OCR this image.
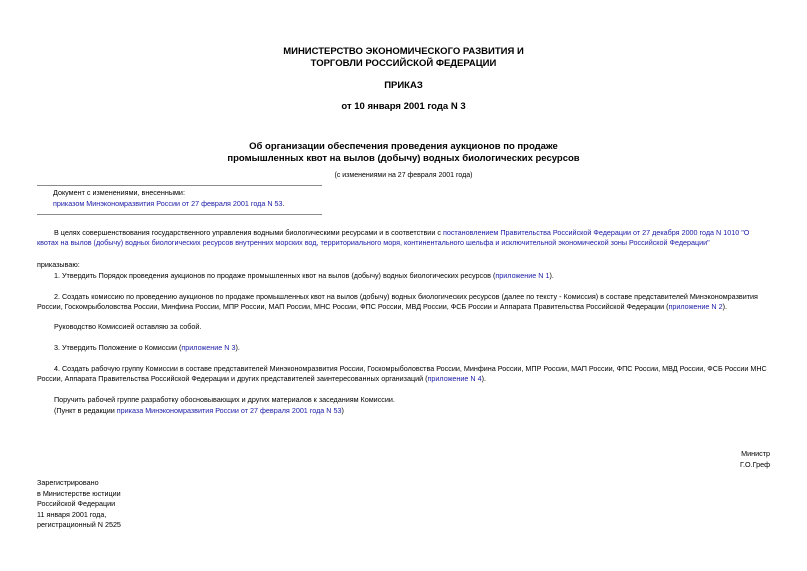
МИНИСТЕРСТВО ЭКОНОМИЧЕСКОГО РАЗВИТИЯ И
ТОРГОВЛИ РОССИЙСКОЙ ФЕДЕРАЦИИ
ПРИКАЗ
от 10 января 2001 года N 3
Об организации обеспечения проведения аукционов по продаже
промышленных квот на вылов (добычу) водных биологических ресурсов
(с изменениями на 27 февраля 2001 года)
Документ с изменениями, внесенными:
приказом Минэкономразвития России от 27 февраля 2001 года N 53.
В целях совершенствования государственного управления водными биологическими ресурсами и в соответствии с постановлением Правительства Российской Федерации от 27 декабря 2000 года N 1010 "О квотах на вылов (добычу) водных биологических ресурсов внутренних морских вод, территориального моря, континентального шельфа и исключительной экономической зоны Российской Федерации"
приказываю:
1. Утвердить Порядок проведения аукционов по продаже промышленных квот на вылов (добычу) водных биологических ресурсов (приложение N 1).
2. Создать комиссию по проведению аукционов по продаже промышленных квот на вылов (добычу) водных биологических ресурсов (далее по тексту - Комиссия) в составе представителей Минэкономразвития России, Госкомрыболовства России, Минфина России, МПР России, МАП России, МНС России, ФПС России, МВД России, ФСБ России и Аппарата Правительства Российской Федерации (приложение N 2).
Руководство Комиссией оставляю за собой.
3. Утвердить Положение о Комиссии (приложение N 3).
4. Создать рабочую группу Комиссии в составе представителей Минэкономразвития России, Госкомрыболовства России, Минфина России, МПР России, МАП России, ФПС России, МВД России, ФСБ России МНС России, Аппарата Правительства Российской Федерации и других представителей заинтересованных организаций (приложение N 4).
Поручить рабочей группе разработку обосновывающих и других материалов к заседаниям Комиссии.
(Пункт в редакции приказа Минэкономразвития России от 27 февраля 2001 года N 53)
Министр
Г.О.Греф
Зарегистрировано
в Министерстве юстиции
Российской Федерации
11 января 2001 года,
регистрационный N 2525
